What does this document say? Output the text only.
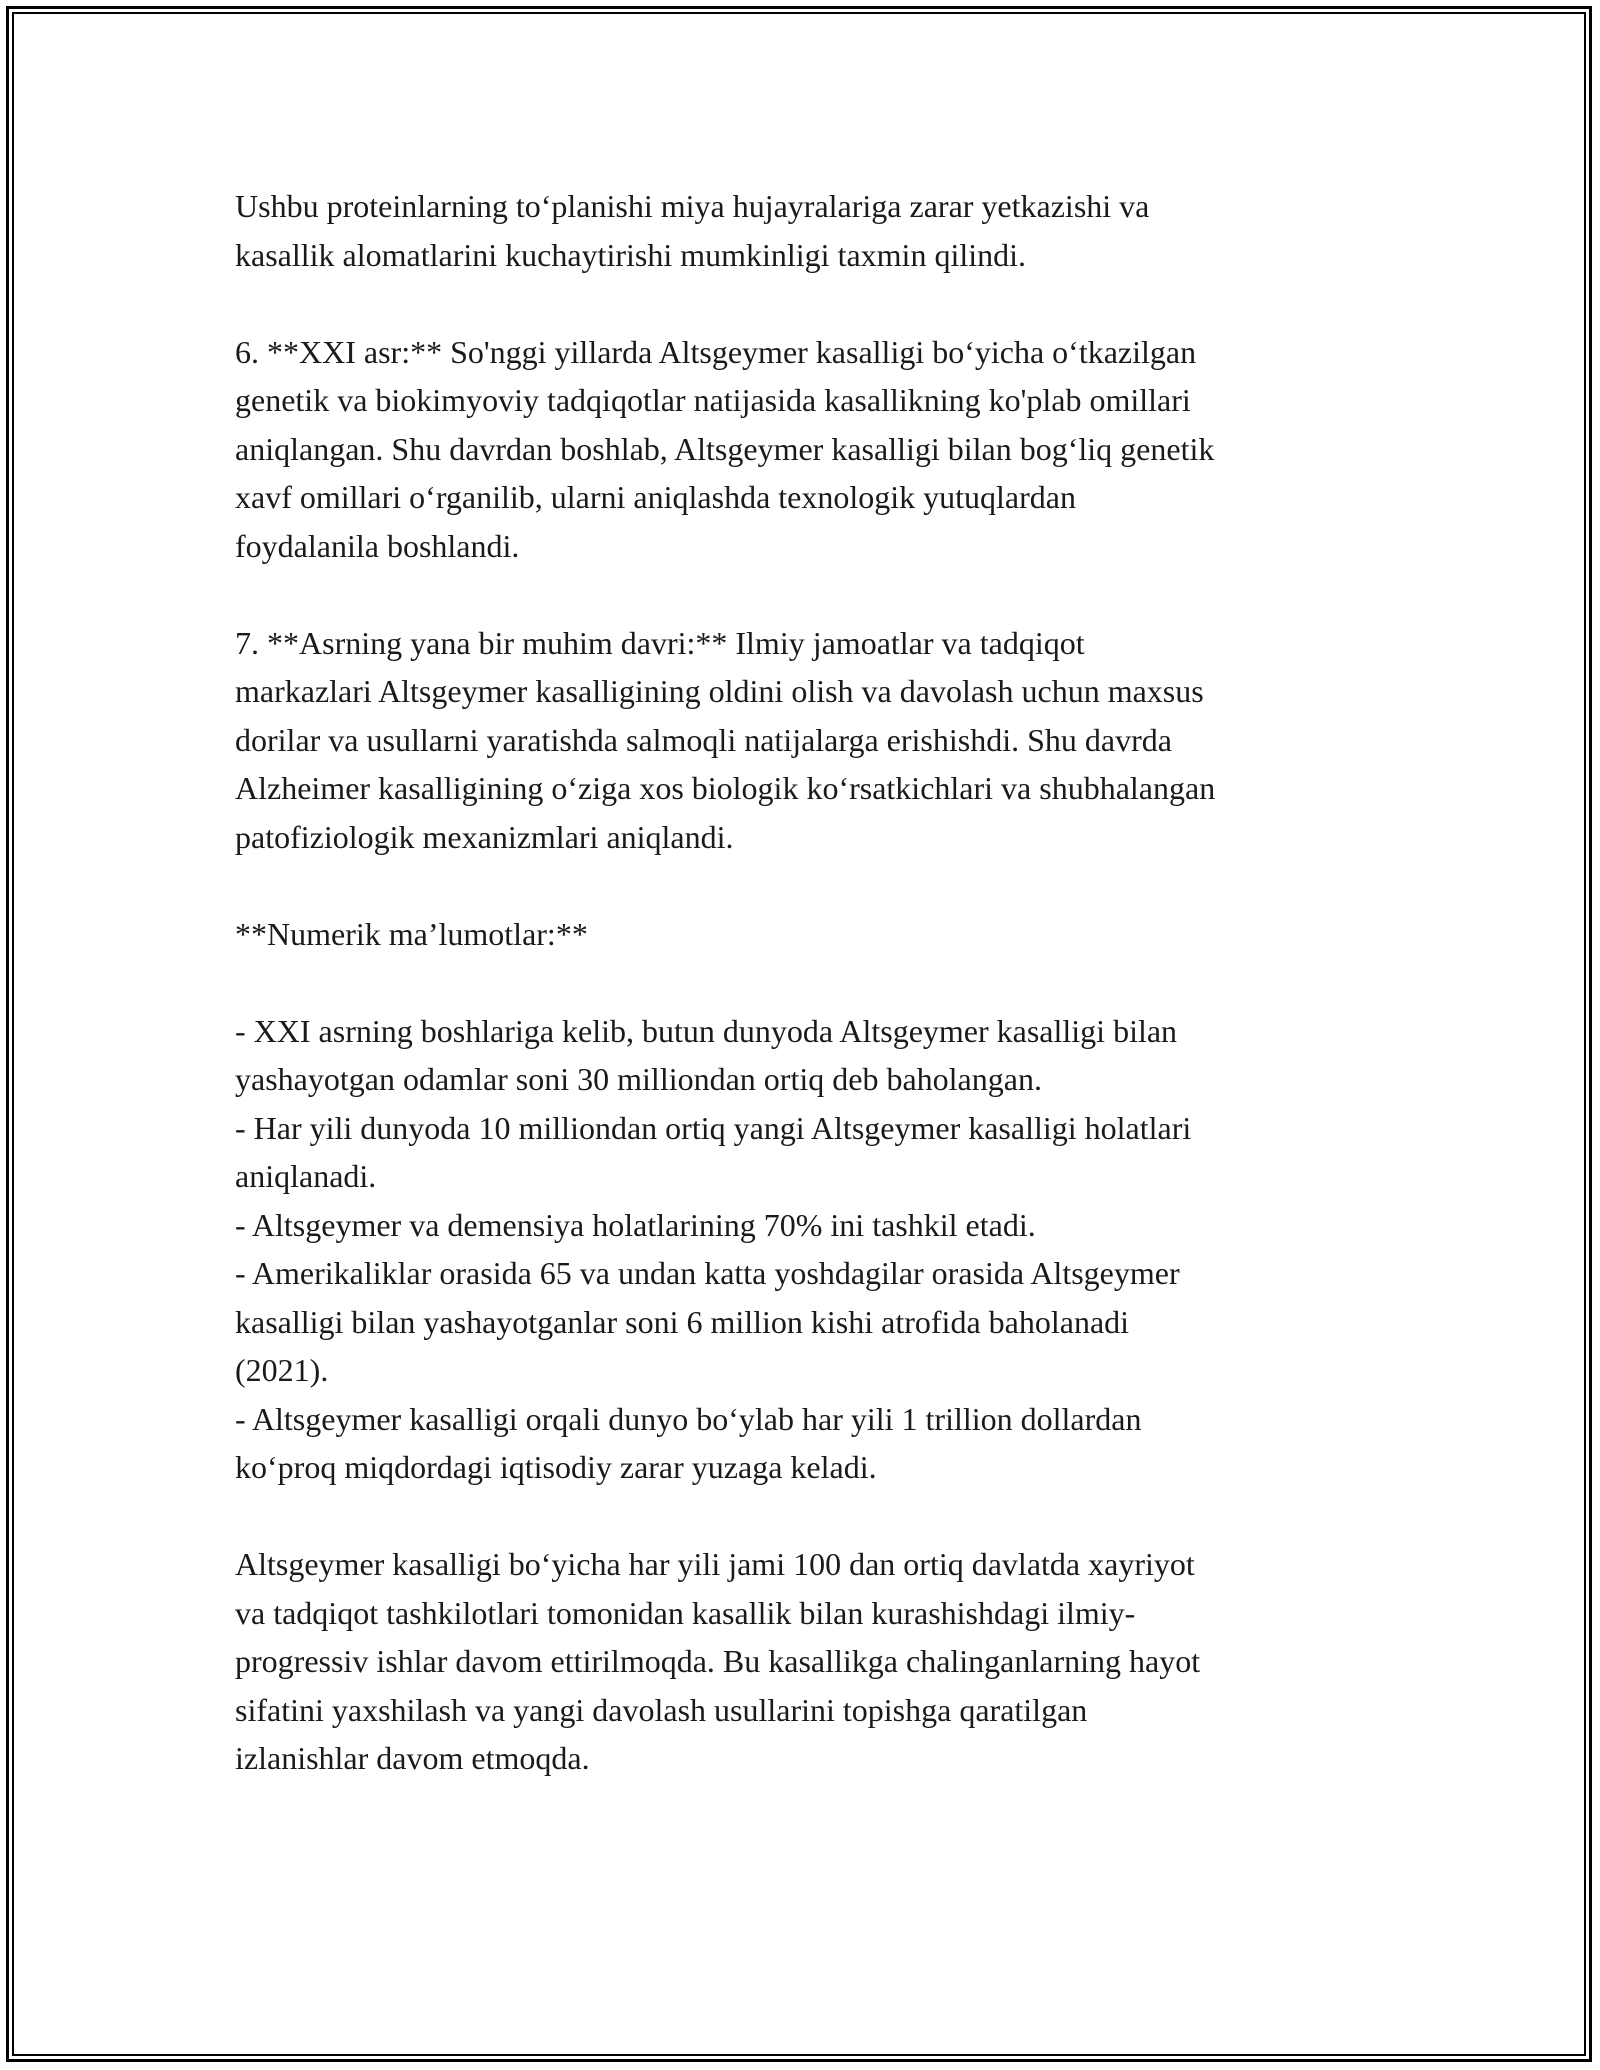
Ushbu proteinlarning to‘planishi miya hujayralariga zarar yetkazishi va
kasallik alomatlarini kuchaytirishi mumkinligi taxmin qilindi.
6. **XXI asr:** So'nggi yillarda Altsgeymer kasalligi bo‘yicha o‘tkazilgan
genetik va biokimyoviy tadqiqotlar natijasida kasallikning ko'plab omillari
aniqlangan. Shu davrdan boshlab, Altsgeymer kasalligi bilan bog‘liq genetik
xavf omillari o‘rganilib, ularni aniqlashda texnologik yutuqlardan
foydalanila boshlandi.
7. **Asrning yana bir muhim davri:** Ilmiy jamoatlar va tadqiqot
markazlari Altsgeymer kasalligining oldini olish va davolash uchun maxsus
dorilar va usullarni yaratishda salmoqli natijalarga erishishdi. Shu davrda
Alzheimer kasalligining o‘ziga xos biologik ko‘rsatkichlari va shubhalangan
patofiziologik mexanizmlari aniqlandi.
**Numerik ma’lumotlar:**
- XXI asrning boshlariga kelib, butun dunyoda Altsgeymer kasalligi bilan
yashayotgan odamlar soni 30 milliondan ortiq deb baholangan.
- Har yili dunyoda 10 milliondan ortiq yangi Altsgeymer kasalligi holatlari
aniqlanadi.
- Altsgeymer va demensiya holatlarining 70% ini tashkil etadi.
- Amerikaliklar orasida 65 va undan katta yoshdagilar orasida Altsgeymer
kasalligi bilan yashayotganlar soni 6 million kishi atrofida baholanadi
(2021).
- Altsgeymer kasalligi orqali dunyo bo‘ylab har yili 1 trillion dollardan
ko‘proq miqdordagi iqtisodiy zarar yuzaga keladi.
Altsgeymer kasalligi bo‘yicha har yili jami 100 dan ortiq davlatda xayriyot
va tadqiqot tashkilotlari tomonidan kasallik bilan kurashishdagi ilmiy-
progressiv ishlar davom ettirilmoqda. Bu kasallikga chalinganlarning hayot
sifatini yaxshilash va yangi davolash usullarini topishga qaratilgan
izlanishlar davom etmoqda.
